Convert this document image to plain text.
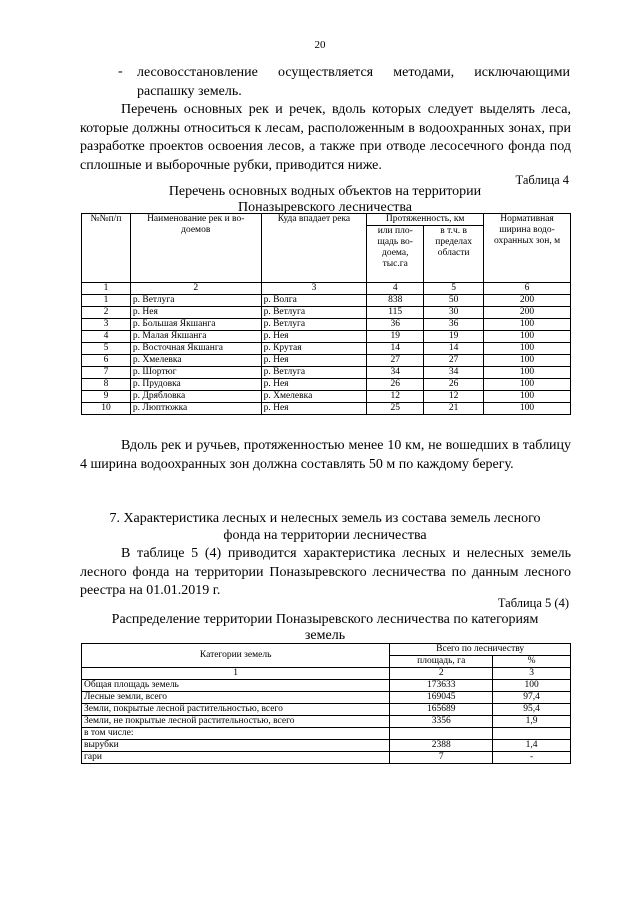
20
- лесовосстановление осуществляется методами, исключающими
распашку земель.
Перечень основных рек и речек, вдоль которых следует выделять леса, которые должны относиться к лесам, расположенным в водоохранных зонах, при разработке проектов освоения лесов, а также при отводе лесосечного фонда под сплошные и выборочные рубки, приводится ниже.
Таблица 4
Перечень основных водных объектов на территории
Поназыревского лесничества
№№п/п	Наименование рек и во-доемов	Куда впадает река	Протяженность, км		Нормативная ширина водо-охранных зон, м
			или пло-щадь во-доема, тыс.га	в т.ч. в пределах области	
1	2	3	4	5	6
1	р. Ветлуга	р. Волга	838	50	200
2	р. Нея	р. Ветлуга	115	30	200
3	р. Большая Якшанга	р. Ветлуга	36	36	100
4	р. Малая Якшанга	р. Нея	19	19	100
5	р. Восточная Якшанга	р. Крутая	14	14	100
6	р. Хмелевка	р. Нея	27	27	100
7	р. Шортюг	р. Ветлуга	34	34	100
8	р. Прудовка	р. Нея	26	26	100
9	р. Дрябловка	р. Хмелевка	12	12	100
10	р. Люптюжка	р. Нея	25	21	100
Вдоль рек и ручьев, протяженностью менее 10 км, не вошедших в таблицу 4 ширина водоохранных зон должна составлять 50 м по каждому берегу.
7. Характеристика лесных и нелесных земель из состава земель лесного
фонда на территории лесничества
В таблице 5 (4) приводится характеристика лесных и нелесных земель лесного фонда на территории Поназыревского лесничества по данным лесного реестра на 01.01.2019 г.
Таблица 5 (4)
Распределение территории Поназыревского лесничества по категориям
земель
Категории земель	Всего по лесничеству	
	площадь, га	%
1	2	3
Общая площадь земель	173633	100
Лесные земли, всего	169045	97,4
Земли, покрытые лесной растительностью, всего	165689	95,4
Земли, не покрытые лесной растительностью, всего	3356	1,9
в том числе:		
вырубки	2388	1,4
гари	7	-
